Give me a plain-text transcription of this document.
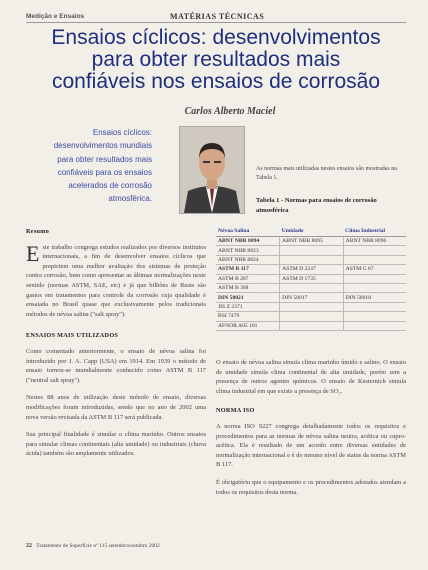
Medição e Ensaios	MATÉRIAS TÉCNICAS
Ensaios cíclicos: desenvolvimentos
para obter resultados mais
confiáveis nos ensaios de corrosão
Carlos Alberto Maciel
Ensaios cíclicos:
desenvolvimentos mundiais
para obter resultados mais
confiáveis para os ensaios
acelerados de corrosão
atmosférica.
As normas mais utilizadas nestes ensaios são mostradas na Tabela 1.
Tabela 1 - Normas para ensaios de corrosão atmosférica
Névoa Salina	Umidade	Clima Industrial
ABNT NBR 8094	ABNT NBR 8095	ABNT NBR 8096
ABNT NBR 8823		
ABNT NBR 8824		
ASTM B 117	ASTM D 2247	ASTM G 87
ASTM B 287	ASTM D 1735	
ASTM B 368		
DIN 50021	DIN 50017	DIN 50018
JIS Z 2371		
BSI 7479		
AFNOR A05 101		
Resumo

Este trabalho congrega estudos realizados por diversos institutos internacionais, a fim de desenvolver ensaios cíclicos que propiciem uma melhor avaliação dos sistemas de proteção contra corrosão, bem como apresentar as últimas normalizações neste sentido (normas ASTM, SAE, etc) e já que bilhões de Reais são gastos em tratamentos para controle da corrosão cuja qualidade é ensaiada no Brasil quase que exclusivamente pelos tradicionais métodos de névoa salina ("salt spray").

ENSAIOS MAIS UTILIZADOS

Como comentado anteriormente, o ensaio de névoa salina foi introduzido por J. A. Capp (USA) em 1914. Em 1939 o método de ensaio tornou-se mundialmente conhecido como ASTM B 117 ("neutral salt spray").

Nestes 88 anos de utilização deste método de ensaio, diversas modificações foram introduzidas, sendo que no ano de 2002 uma nova versão revisada da ASTM B 117 será publicada.

Sua principal finalidade é simular o clima marinho. Outros ensaios para simular climas continentais (alta umidade) ou industriais (chuva ácida) também são amplamente utilizados.

O ensaio de névoa salina simula clima marinho úmido e salino. O ensaio de umidade simula clima continental de alta umidade, porém sem a presença de outros agentes químicos. O ensaio de Kesternich simula clima industrial em que existe a presença de SO₂.

NORMA ISO

A norma ISO 9227 congrega detalhadamente todos os requisitos e procedimentos para as normas de névoa salina neutra, acética ou cupro-acética. Ela é resultado de um acordo entre diversas entidades de normalização internacional e é do mesmo nível de status da norma ASTM B 117.

É obrigatório que o equipamento e os procedimentos adotados atendam a todos os requisitos desta norma.

22 Tratamento de Superfície nº 115 setembro/outubro 2002
